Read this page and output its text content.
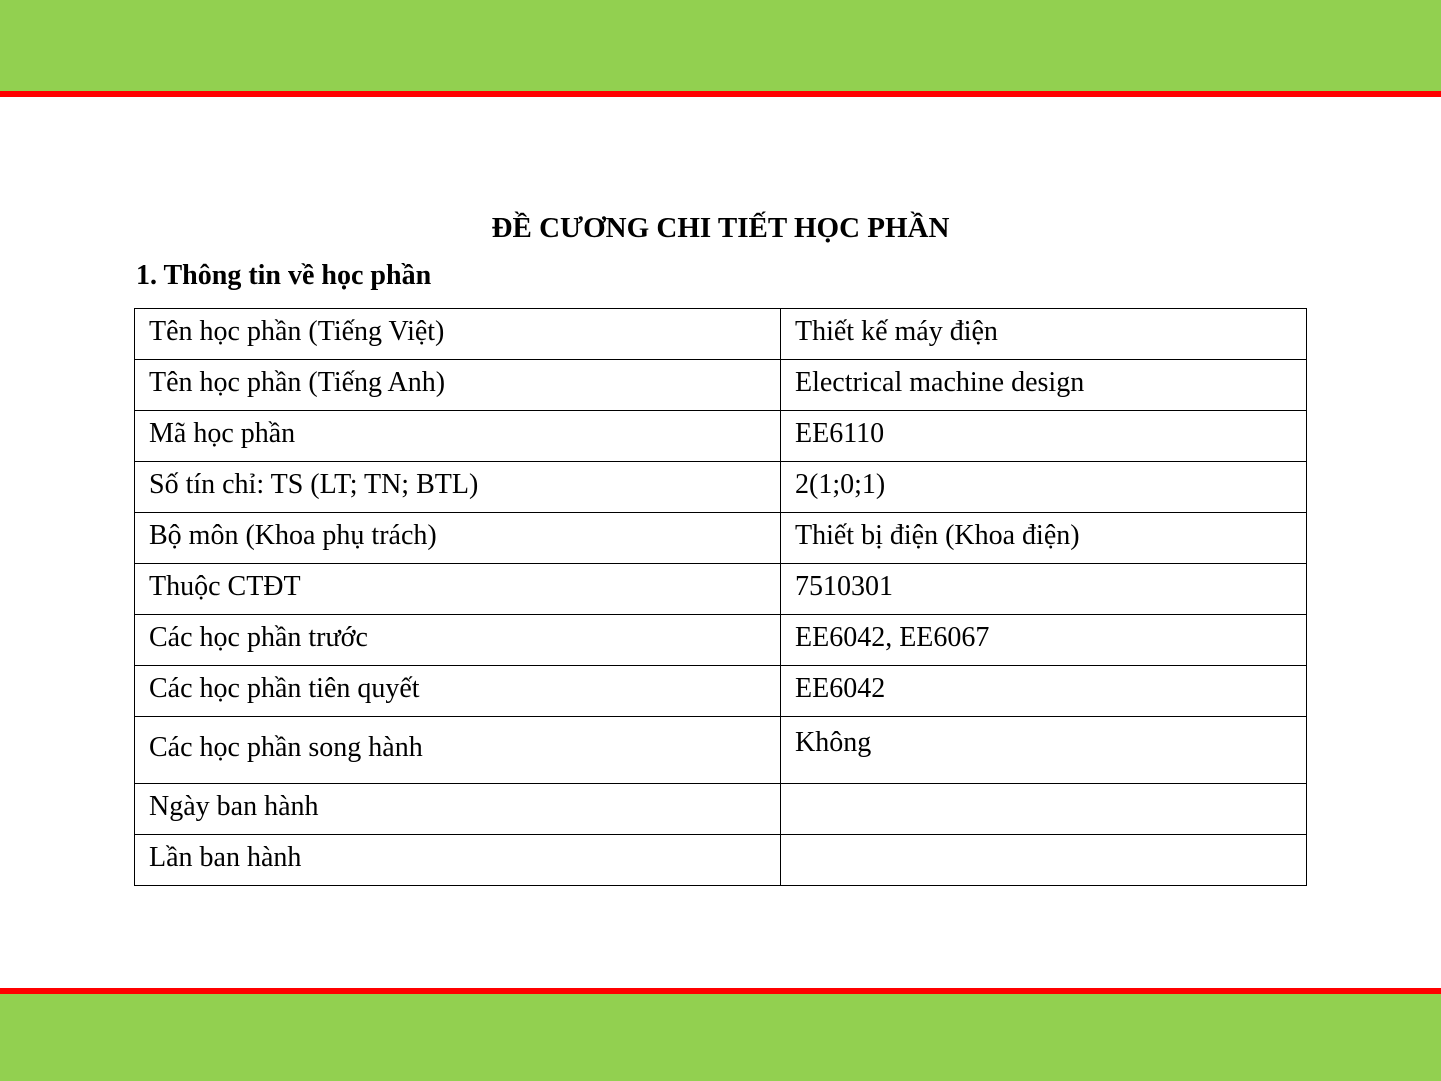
ĐỀ CƯƠNG CHI TIẾT HỌC PHẦN
1. Thông tin về học phần
Tên học phần (Tiếng Việt)	Thiết kế máy điện
Tên học phần (Tiếng Anh)	Electrical machine design
Mã học phần	EE6110
Số tín chỉ: TS (LT; TN; BTL)	2(1;0;1)
Bộ môn (Khoa phụ trách)	Thiết bị điện (Khoa điện)
Thuộc CTĐT	7510301
Các học phần trước	EE6042, EE6067
Các học phần tiên quyết	EE6042
Các học phần song hành	Không
Ngày ban hành	
Lần ban hành	
